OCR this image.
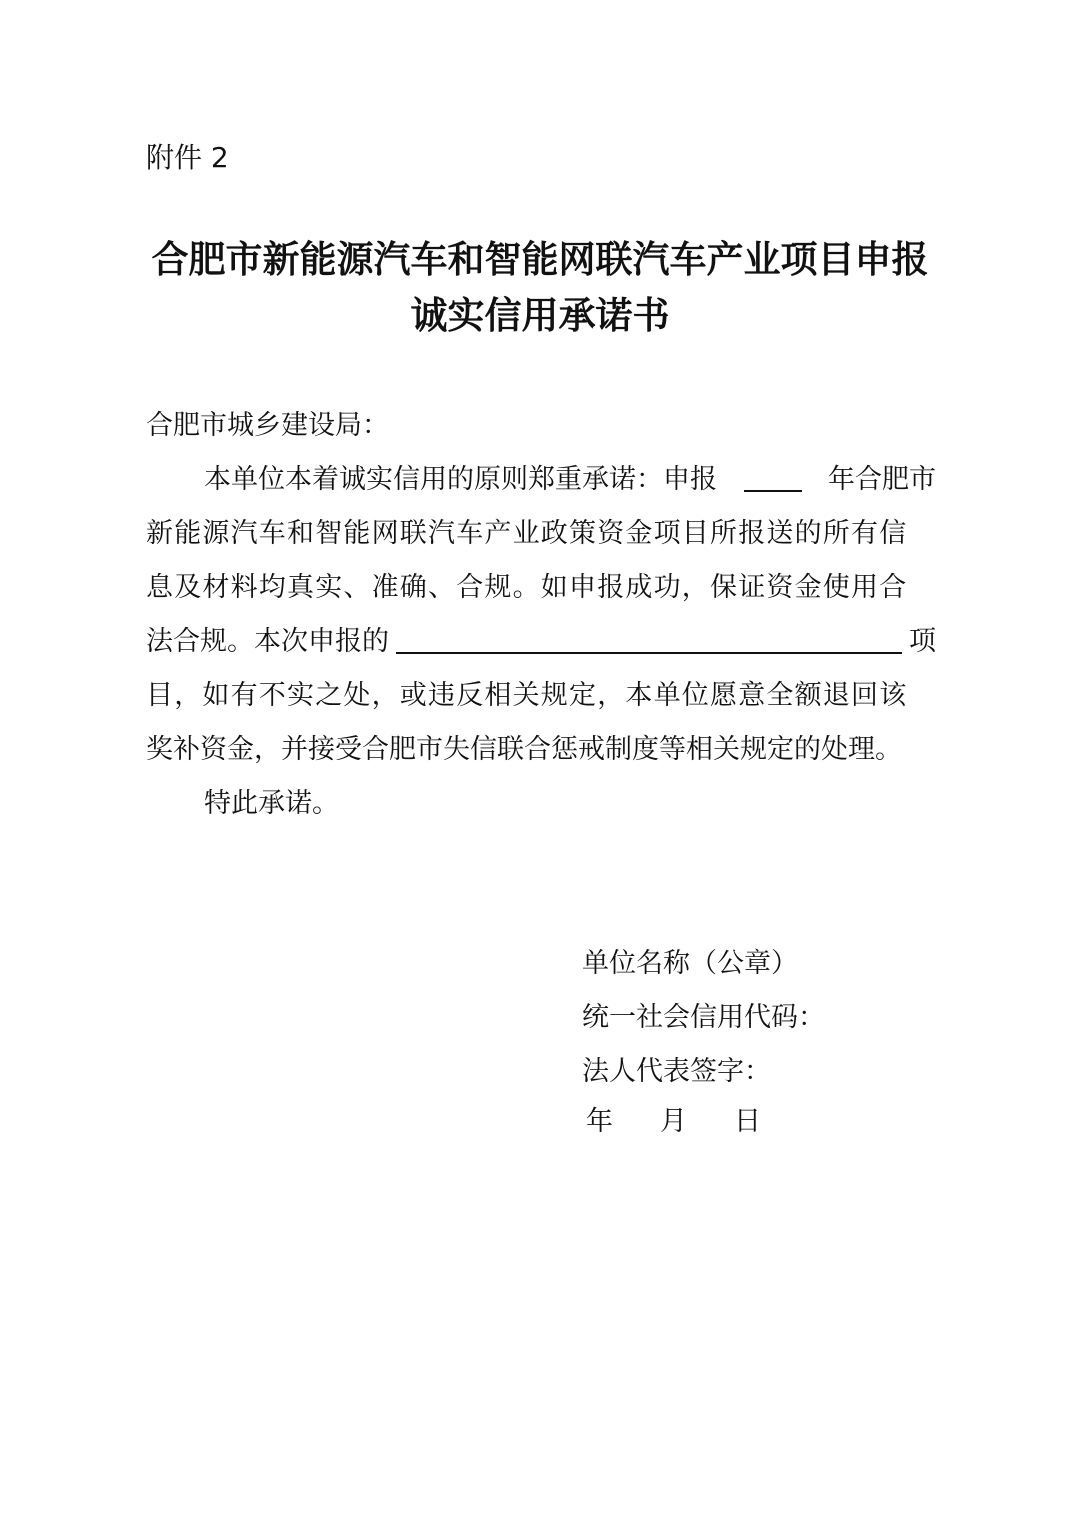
附件 2

合肥市新能源汽车和智能网联汽车产业项目申报
诚实信用承诺书

合肥市城乡建设局：

本单位本着诚实信用的原则郑重承诺：申报	年合肥市

新能源汽车和智能网联汽车产业政策资金项目所报送的所有信

息及材料均真实、准确、合规。如申报成功，保证资金使用合

法合规。本次申报的	项

目，如有不实之处，或违反相关规定，本单位愿意全额退回该

奖补资金，并接受合肥市失信联合惩戒制度等相关规定的处理。

特此承诺。

单位名称（公章）

统一社会信用代码：

法人代表签字：

年 月 日
